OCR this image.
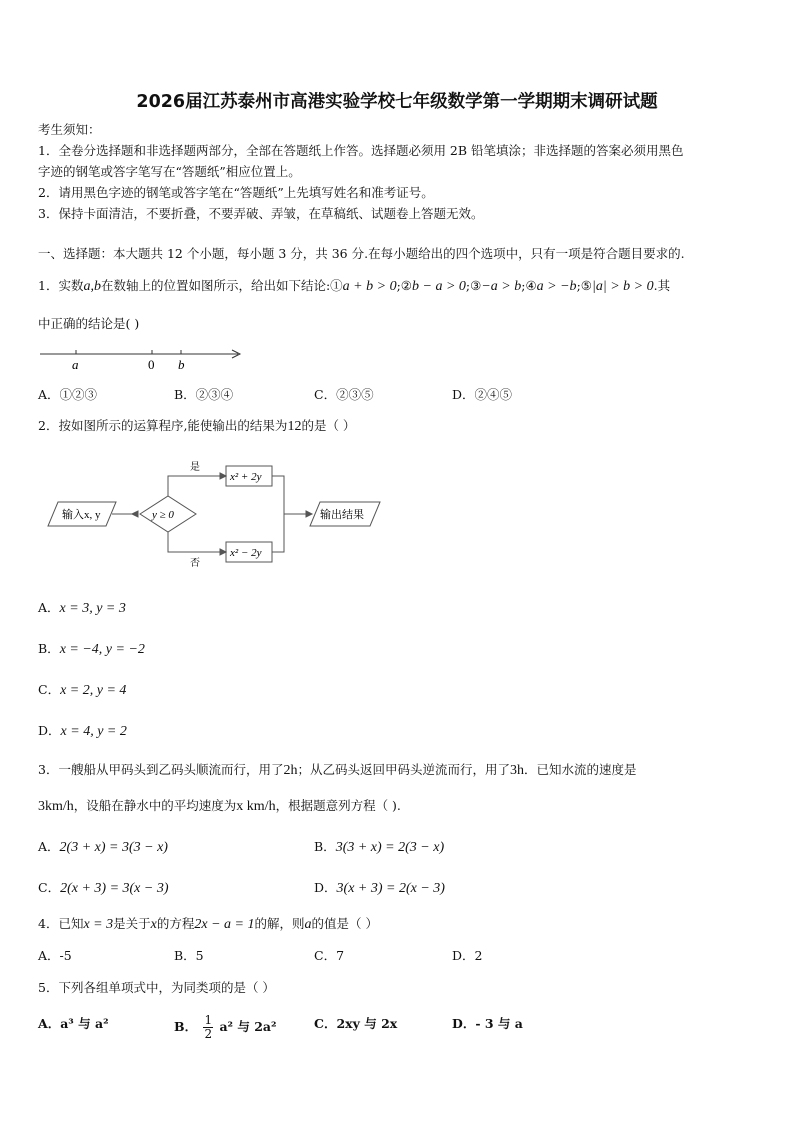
2026届江苏泰州市高港实验学校七年级数学第一学期期末调研试题
考生须知：
1．全卷分选择题和非选择题两部分，全部在答题纸上作答。选择题必须用 2B 铅笔填涂；非选择题的答案必须用黑色
字迹的钢笔或答字笔写在“答题纸”相应位置上。
2．请用黑色字迹的钢笔或答字笔在“答题纸”上先填写姓名和准考证号。
3．保持卡面清洁，不要折叠，不要弄破、弄皱，在草稿纸、试题卷上答题无效。
一、选择题：本大题共 12 个小题，每小题 3 分，共 36 分.在每小题给出的四个选项中，只有一项是符合题目要求的.
1．实数a,b在数轴上的位置如图所示，给出如下结论:①a + b > 0;②b − a > 0;③−a > b;④a > −b;⑤|a| > b > 0.其
中正确的结论是( )
a	0 b
A．①②③	B．②③④	C．②③⑤	D．②④⑤
2．按如图所示的运算程序,能使输出的结果为12的是（ ）
输入x, y	y ≥ 0
是
否
x² + 2y
x² − 2y
输出结果
A．x = 3, y = 3
B．x = −4, y = −2
C．x = 2, y = 4
D．x = 4, y = 2
3．一艘船从甲码头到乙码头顺流而行，用了2h；从乙码头返回甲码头逆流而行，用了3h．已知水流的速度是
3km/h，设船在静水中的平均速度为x km/h，根据题意列方程（ ).
A．2(3 + x) = 3(3 − x)	B．3(3 + x) = 2(3 − x)
C．2(x + 3) = 3(x − 3)	D．3(x + 3) = 2(x − 3)
4．已知x = 3是关于x的方程2x − a = 1的解，则a的值是（ ）
A．-5	B．5	C．7	D．2
5．下列各组单项式中，为同类项的是（ ）
A．a³ 与 a²	B． $\frac{1}{2} a^2$ 与 2a²	C．2xy 与 2x	D．- 3 与 a
